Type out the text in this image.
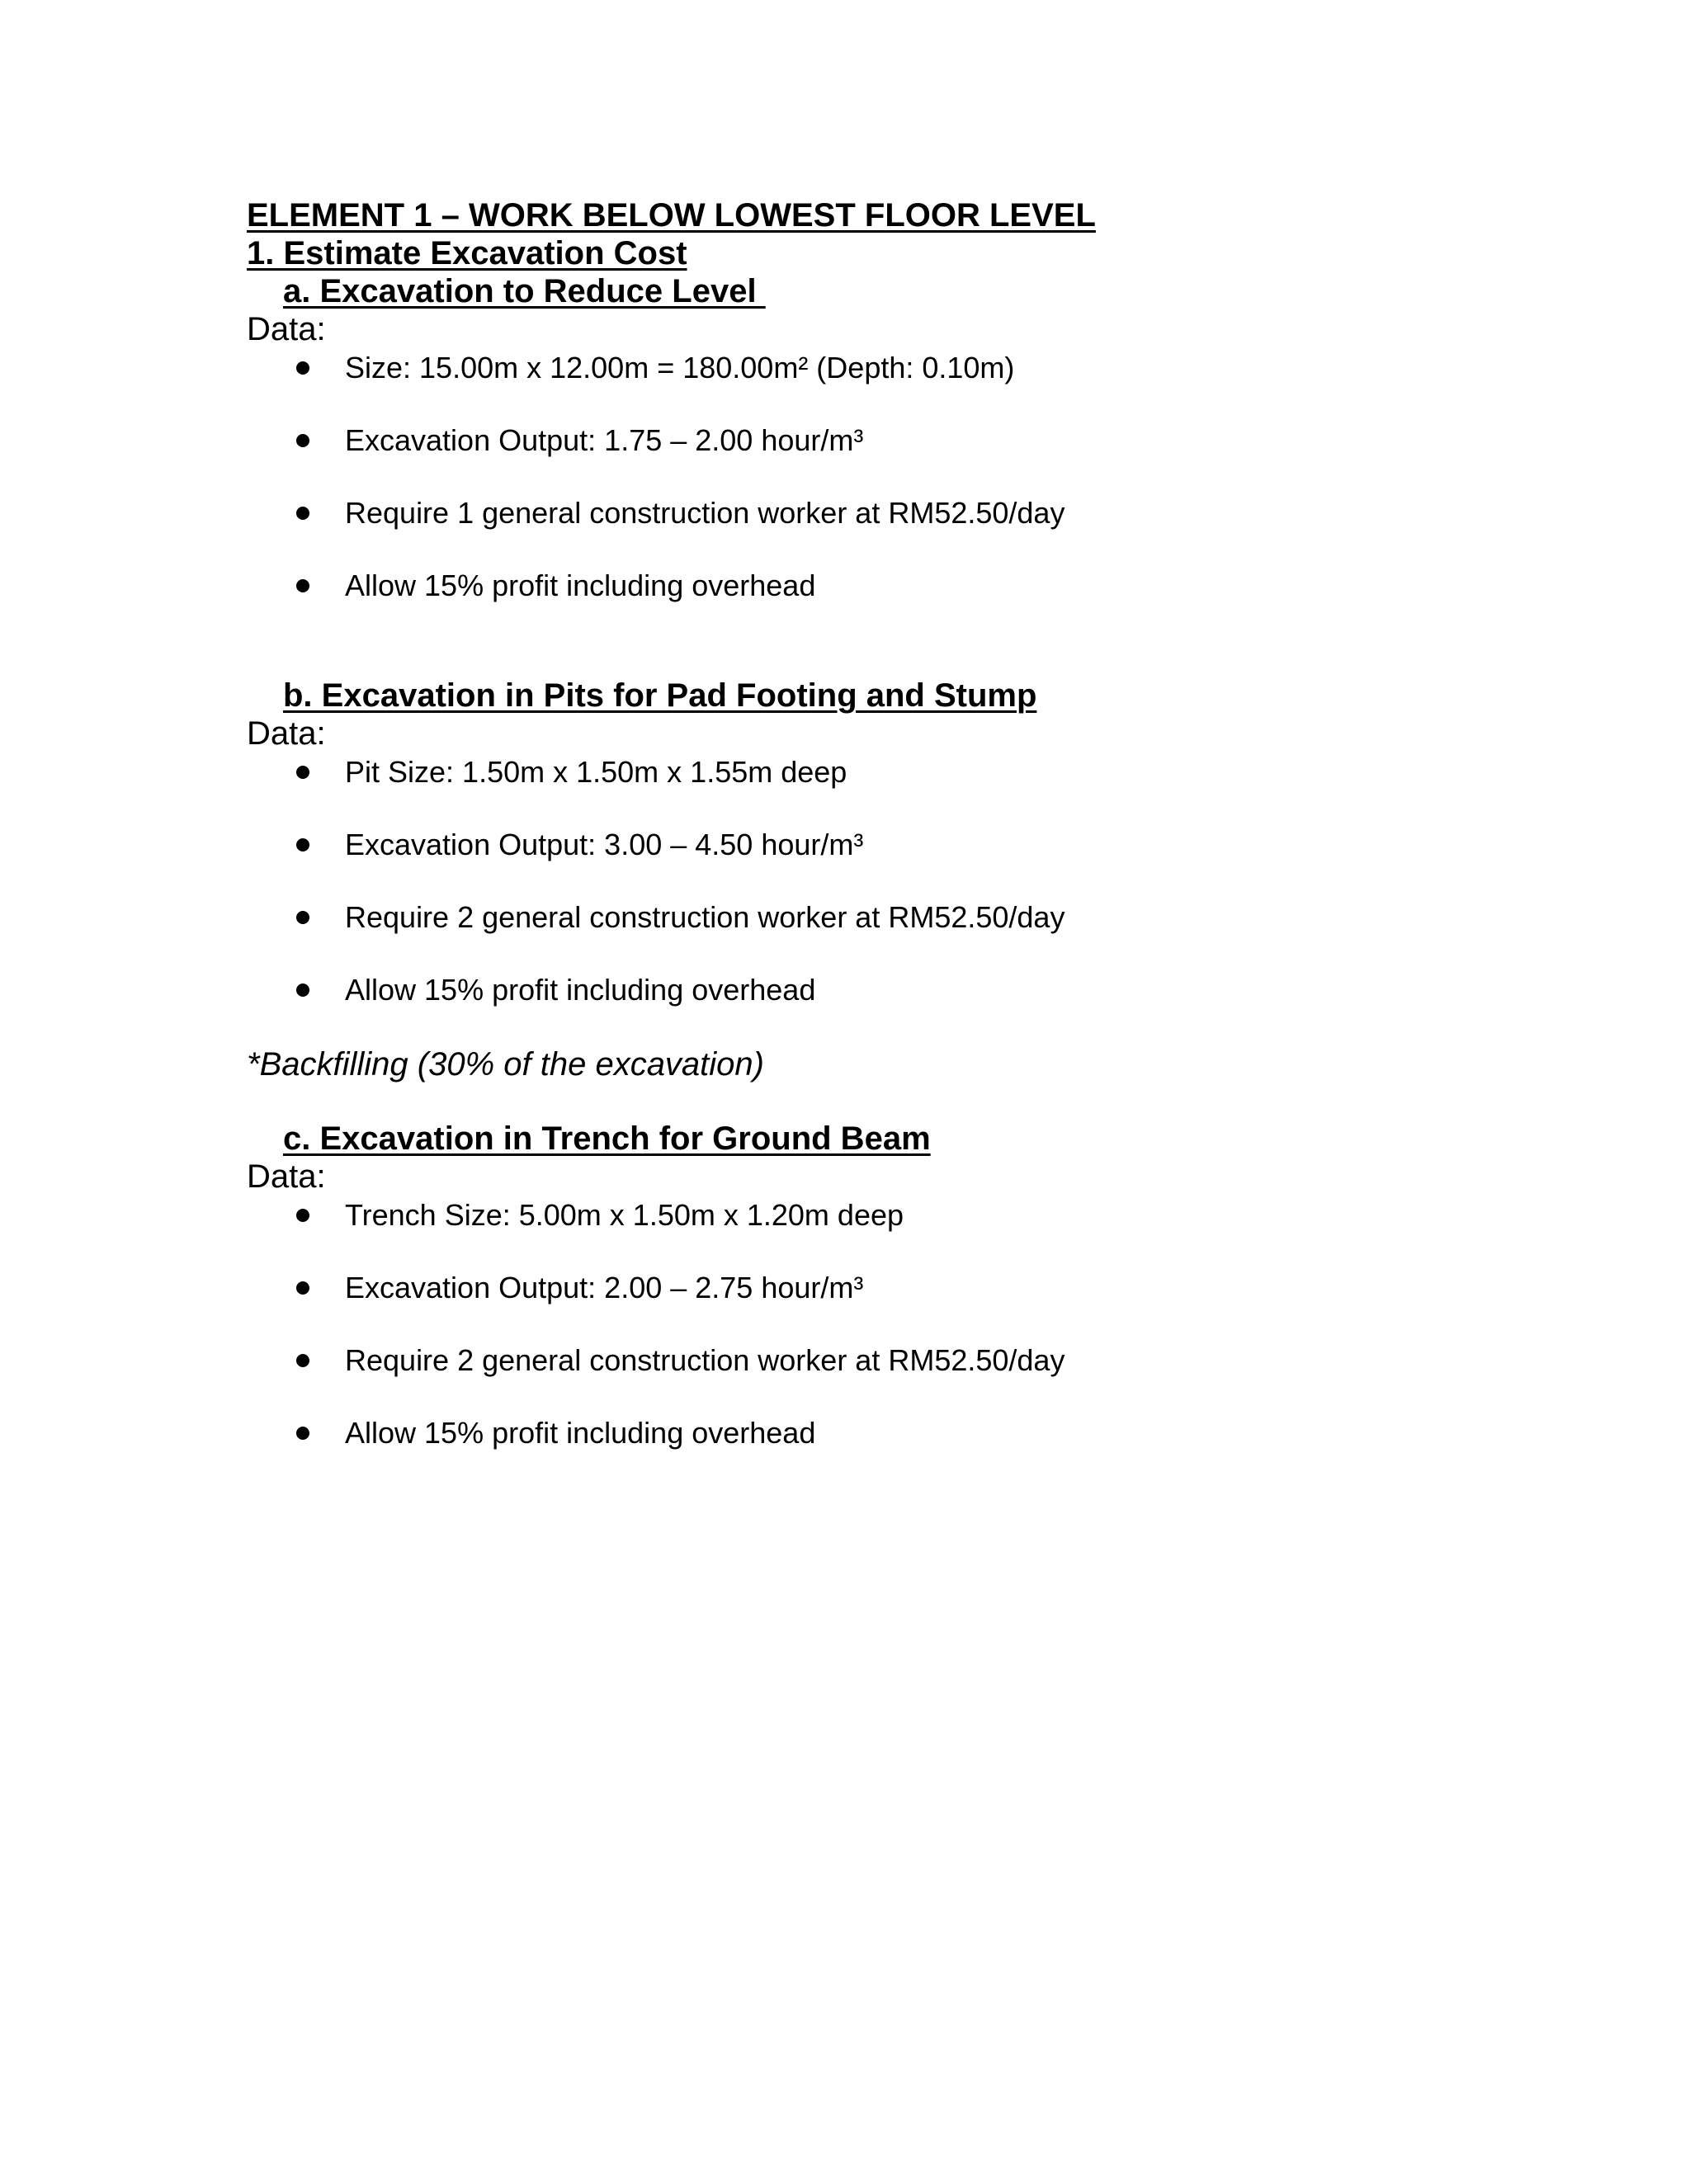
ELEMENT 1 – WORK BELOW LOWEST FLOOR LEVEL
1. Estimate Excavation Cost
a. Excavation to Reduce Level
Data:
Size: 15.00m x 12.00m = 180.00m² (Depth: 0.10m)
Excavation Output: 1.75 – 2.00 hour/m³
Require 1 general construction worker at RM52.50/day
Allow 15% profit including overhead
b. Excavation in Pits for Pad Footing and Stump
Data:
Pit Size: 1.50m x 1.50m x 1.55m deep
Excavation Output: 3.00 – 4.50 hour/m³
Require 2 general construction worker at RM52.50/day
Allow 15% profit including overhead
*Backfilling (30% of the excavation)
c. Excavation in Trench for Ground Beam
Data:
Trench Size: 5.00m x 1.50m x 1.20m deep
Excavation Output: 2.00 – 2.75 hour/m³
Require 2 general construction worker at RM52.50/day
Allow 15% profit including overhead
